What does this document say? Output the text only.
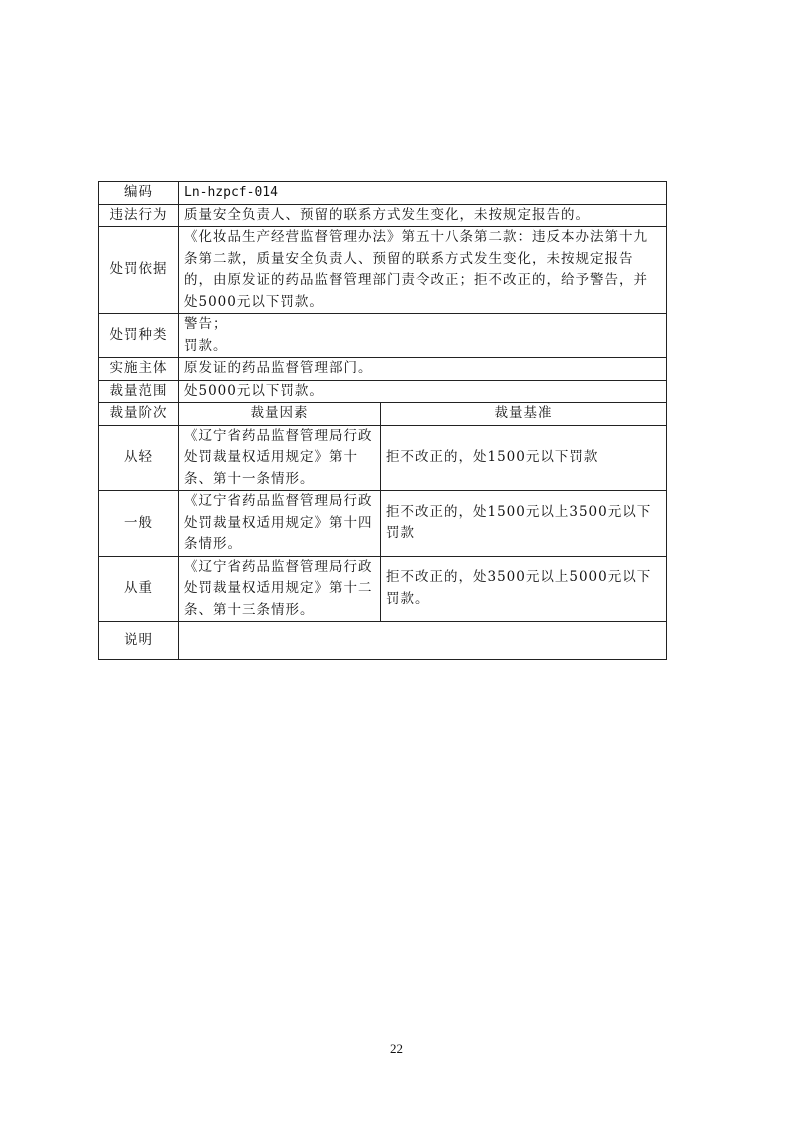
编码	Ln-hzpcf-014	
违法行为	质量安全负责人、预留的联系方式发生变化，未按规定报告的。	
处罚依据	《化妆品生产经营监督管理办法》第五十八条第二款：违反本办法第十九条第二款，质量安全负责人、预留的联系方式发生变化，未按规定报告的，由原发证的药品监督管理部门责令改正；拒不改正的，给予警告，并处5000元以下罚款。	
处罚种类	警告；
罚款。	

实施主体	原发证的药品监督管理部门。	
裁量范围	处5000元以下罚款。	
裁量阶次	裁量因素	裁量基准
从轻	《辽宁省药品监督管理局行政处罚裁量权适用规定》第十条、第十一条情形。	拒不改正的，处1500元以下罚款
一般	《辽宁省药品监督管理局行政处罚裁量权适用规定》第十四条情形。	拒不改正的，处1500元以上3500元以下罚款
从重	《辽宁省药品监督管理局行政处罚裁量权适用规定》第十二条、第十三条情形。	拒不改正的，处3500元以上5000元以下罚款。
说明		
22
